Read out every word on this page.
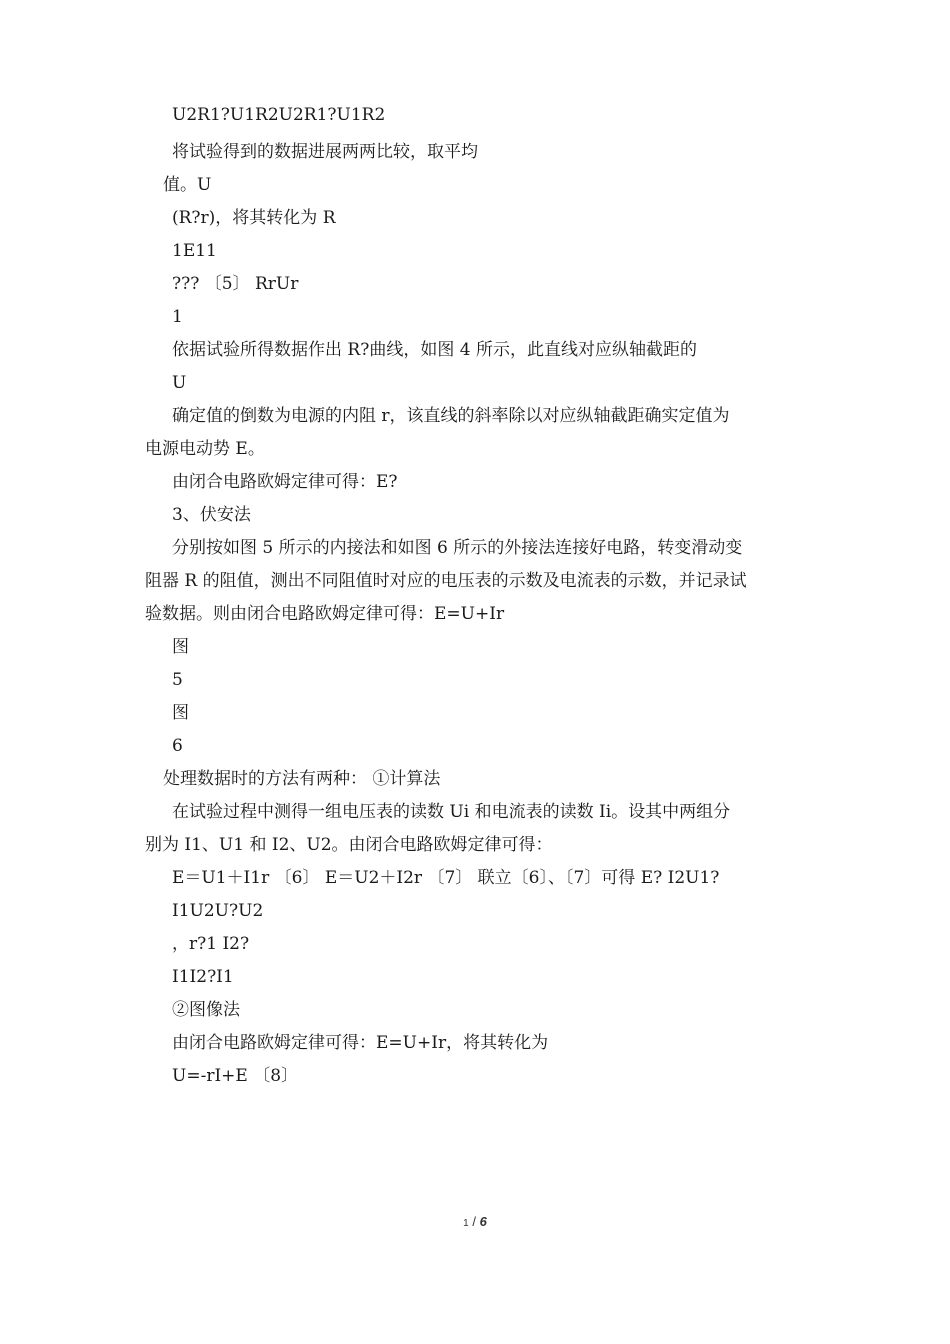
U2R1?U1R2U2R1?U1R2
将试验得到的数据进展两两比较，取平均
值。U
(R?r)，将其转化为 R
1E11
??? 〔5〕 RrUr
1
依据试验所得数据作出 R?曲线，如图 4 所示，此直线对应纵轴截距的
U
确定值的倒数为电源的内阻 r，该直线的斜率除以对应纵轴截距确实定值为
电源电动势 E。
由闭合电路欧姆定律可得：E?
3、伏安法
分别按如图 5 所示的内接法和如图 6 所示的外接法连接好电路，转变滑动变
阻器 R 的阻值，测出不同阻值时对应的电压表的示数及电流表的示数，并记录试
验数据。则由闭合电路欧姆定律可得：E=U+Ir
图
5
图
6
处理数据时的方法有两种： ①计算法
在试验过程中测得一组电压表的读数 Ui 和电流表的读数 Ii。设其中两组分
别为 I1、U1 和 I2、U2。由闭合电路欧姆定律可得：
E＝U1＋I1r 〔6〕 E＝U2＋I2r 〔7〕 联立〔6〕、〔7〕可得 E? I2U1?
I1U2U?U2
，r?1 I2?
I1I2?I1
②图像法
由闭合电路欧姆定律可得：E=U+Ir，将其转化为
U=-rI+E 〔8〕
1 / 6
